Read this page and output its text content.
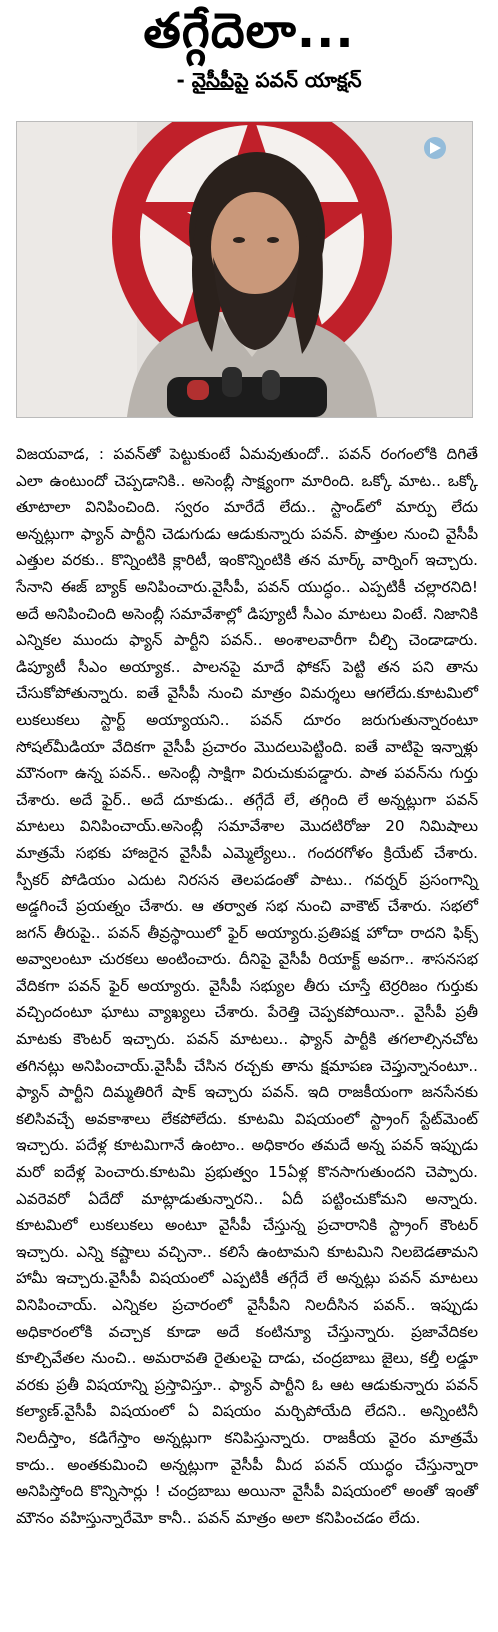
తగ్గేదెలా...
- వైసీపీపై పవన్ యాక్షన్
విజయవాడ, : పవన్‌తో పెట్టుకుంటే ఏమవుతుందో.. పవన్ రంగంలోకి దిగితే ఎలా ఉంటుందో చెప్పడానికి.. అసెంబ్లీ సాక్ష్యంగా మారింది. ఒక్కో మాట.. ఒక్కో తూటాలా వినిపించింది. స్వరం మారేదే లేదు.. స్టాండ్‌లో మార్పు లేదు అన్నట్లుగా ఫ్యాన్ పార్టీని చెడుగుడు ఆడుకున్నారు పవన్. పొత్తుల నుంచి వైసీపీ ఎత్తుల వరకు.. కొన్నింటికి క్లారిటీ, ఇంకొన్నింటికి తన మార్క్ వార్నింగ్ ఇచ్చారు. సేనాని ఈజ్ బ్యాక్ అనిపించారు.వైసీపీ, పవన్ యుద్ధం.. ఎప్పటికీ చల్లారనిది! అదే అనిపించింది అసెంబ్లీ సమావేశాల్లో డిప్యూటీ సీఎం మాటలు వింటే. నిజానికి ఎన్నికల ముందు ఫ్యాన్ పార్టీని పవన్.. అంశాలవారీగా చీల్చి చెండాడారు. డిప్యూటీ సీఎం అయ్యాక.. పాలనపై మాదే ఫోకస్ పెట్టి తన పని తాను చేసుకోపోతున్నారు. ఐతే వైసీపీ నుంచి మాత్రం విమర్శలు ఆగలేదు.కూటమిలో లుకలుకలు స్టార్ట్ అయ్యాయని.. పవన్ దూరం జరుగుతున్నారంటూ సోషల్‌మీడియా వేదికగా వైసీపీ ప్రచారం మొదలుపెట్టింది. ఐతే వాటిపై ఇన్నాళ్లు మౌనంగా ఉన్న పవన్.. అసెంబ్లీ సాక్షిగా విరుచుకుపడ్డారు. పాత పవన్‌ను గుర్తు చేశారు. అదే ఫైర్.. అదే దూకుడు.. తగ్గేదే లే, తగ్గింది లే అన్నట్లుగా పవన్ మాటలు వినిపించాయ్.అసెంబ్లీ సమావేశాల మొదటిరోజు 20 నిమిషాలు మాత్రమే సభకు హాజరైన వైసీపీ ఎమ్మెల్యేలు.. గందరగోళం క్రియేట్ చేశారు. స్పీకర్ పోడియం ఎదుట నిరసన తెలపడంతో పాటు.. గవర్నర్ ప్రసంగాన్ని అడ్డగించే ప్రయత్నం చేశారు. ఆ తర్వాత సభ నుంచి వాకౌట్ చేశారు. సభలో జగన్ తీరుపై.. పవన్ తీవ్రస్థాయిలో ఫైర్ అయ్యారు.ప్రతిపక్ష హోదా రాదని ఫిక్స్ అవ్వాలంటూ చురకలు అంటించారు. దీనిపై వైసీపీ రియాక్ట్ అవగా.. శాసనసభ వేదికగా పవన్ ఫైర్ అయ్యారు. వైసీపీ సభ్యుల తీరు చూస్తే టెర్రరిజం గుర్తుకు వచ్చిందంటూ ఘాటు వ్యాఖ్యలు చేశారు. పేరెత్తి చెప్పకపోయినా.. వైసీపీ ప్రతీ మాటకు కౌంటర్ ఇచ్చారు. పవన్ మాటలు.. ఫ్యాన్ పార్టీకి తగలాల్సినచోట తగినట్లు అనిపించాయ్.వైసీపీ చేసిన రచ్చకు తాను క్షమాపణ చెప్తున్నానంటూ.. ఫ్యాన్ పార్టీని దిమ్మతిరిగే షాక్ ఇచ్చారు పవన్. ఇది రాజకీయంగా జనసేనకు కలిసివచ్చే అవకాశాలు లేకపోలేదు. కూటమి విషయంలో స్ట్రాంగ్ స్టేట్‌మెంట్ ఇచ్చారు. పదేళ్ల కూటమిగానే ఉంటాం.. అధికారం తమదే అన్న పవన్ ఇప్పుడు మరో ఐదేళ్ల పెంచారు.కూటమి ప్రభుత్వం 15ఏళ్ల కొనసాగుతుందని చెప్పారు. ఎవరెవరో ఏదేదో మాట్లాడుతున్నారని.. ఏదీ పట్టించుకోమని అన్నారు. కూటమిలో లుకలుకలు అంటూ వైసీపీ చేస్తున్న ప్రచారానికి స్ట్రాంగ్ కౌంటర్ ఇచ్చారు. ఎన్ని కష్టాలు వచ్చినా.. కలిసే ఉంటామని కూటమిని నిలబెడతామని హామీ ఇచ్చారు.వైసీపీ విషయంలో ఎప్పటికీ తగ్గేదే లే అన్నట్లు పవన్ మాటలు వినిపించాయ్. ఎన్నికల ప్రచారంలో వైసీపీని నిలదీసిన పవన్.. ఇప్పుడు అధికారంలోకి వచ్చాక కూడా అదే కంటిన్యూ చేస్తున్నారు. ప్రజావేదికల కూల్చివేతల నుంచి.. అమరావతి రైతులపై దాడు, చంద్రబాబు జైలు, కల్తీ లడ్డూ వరకు ప్రతీ విషయాన్ని ప్రస్తావిస్తూ.. ఫ్యాన్ పార్టీని ఓ ఆట ఆడుకున్నారు పవన్ కల్యాణ్.వైసీపీ విషయంలో ఏ విషయం మర్చిపోయేది లేదని.. అన్నింటినీ నిలదీస్తాం, కడిగేస్తాం అన్నట్లుగా కనిపిస్తున్నారు. రాజకీయ వైరం మాత్రమే కాదు.. అంతకుమించి అన్నట్లుగా వైసీపీ మీద పవన్ యుద్ధం చేస్తున్నారా అనిపిస్తోంది కొన్నిసార్లు ! చంద్రబాబు అయినా వైసీపీ విషయంలో అంతో ఇంతో మౌనం వహిస్తున్నారేమో కానీ.. పవన్ మాత్రం అలా కనిపించడం లేదు.
